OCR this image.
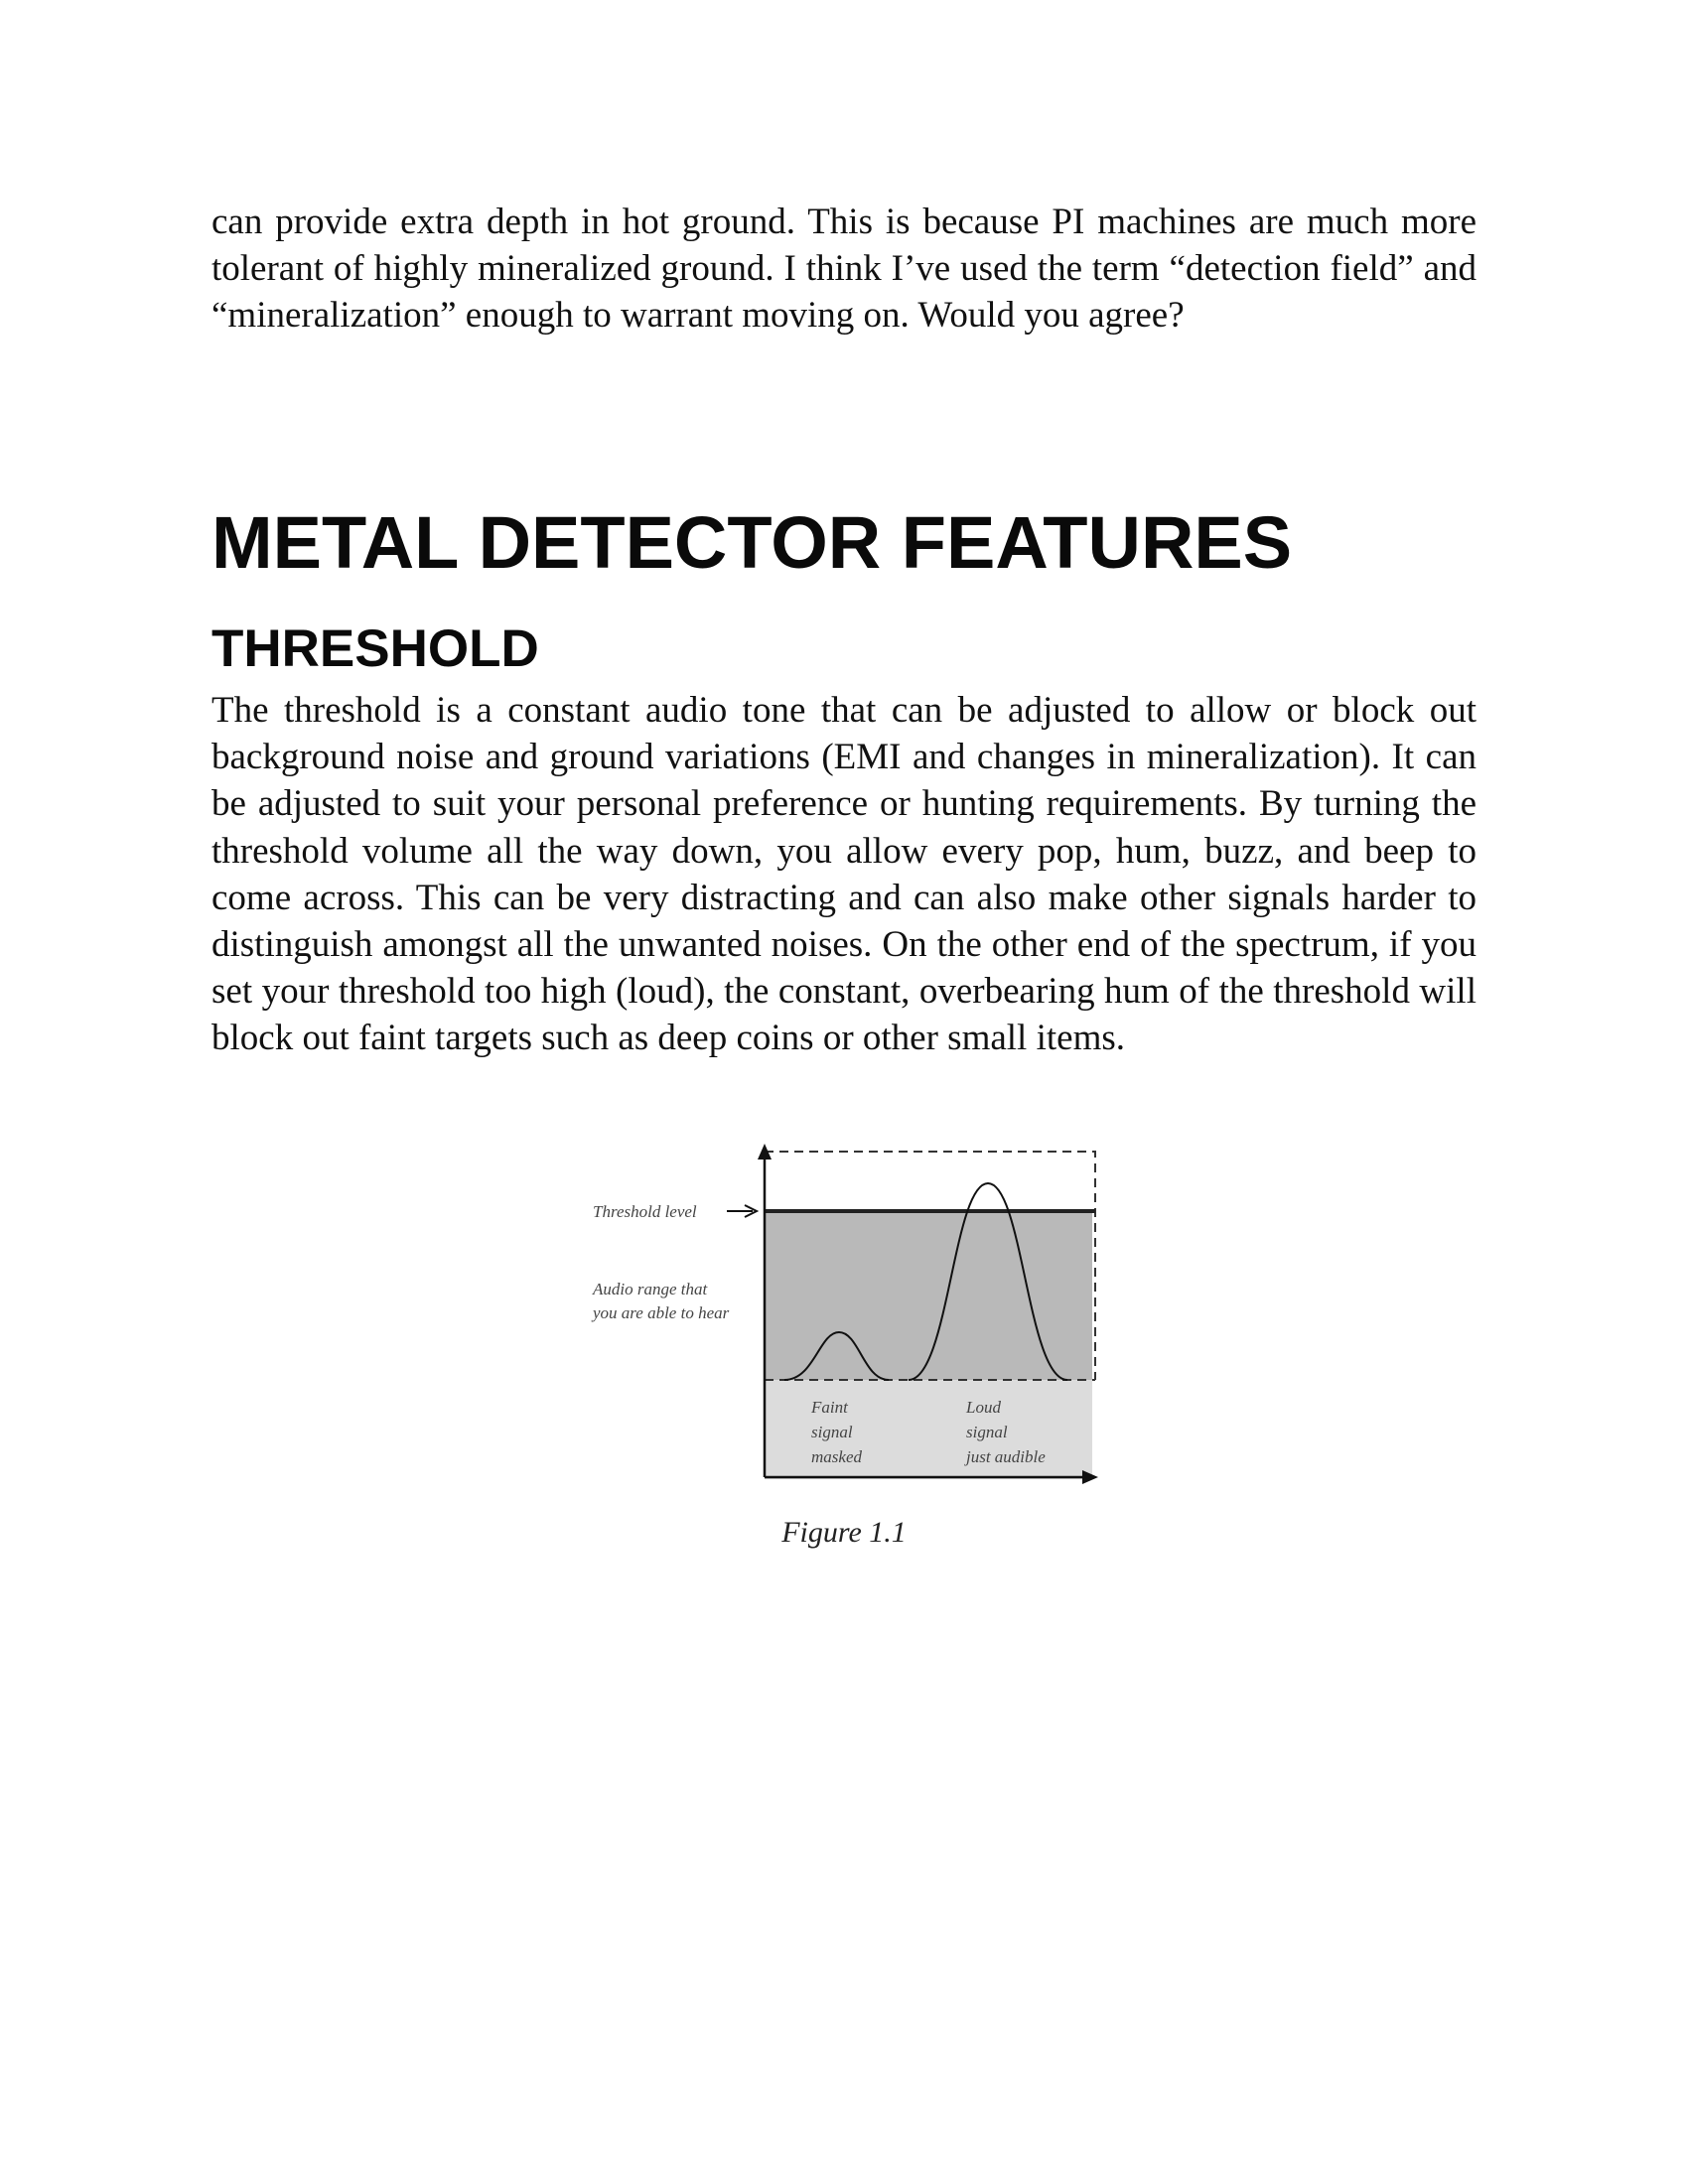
can provide extra depth in hot ground. This is because PI machines are much more tolerant of highly mineralized ground. I think I’ve used the term “detection field” and “mineralization” enough to warrant moving on. Would you agree?

METAL DETECTOR FEATURES
THRESHOLD

The threshold is a constant audio tone that can be adjusted to allow or block out background noise and ground variations (EMI and changes in mineralization). It can be adjusted to suit your personal preference or hunting requirements. By turning the threshold volume all the way down, you allow every pop, hum, buzz, and beep to come across. This can be very distracting and can also make other signals harder to distinguish amongst all the unwanted noises. On the other end of the spectrum, if you set your threshold too high (loud), the constant, overbearing hum of the threshold will block out faint targets such as deep coins or other small items.

Threshold level
Audio range that
you are able to hear
Faint
signal
masked
Loud
signal
just audible

Figure 1.1
